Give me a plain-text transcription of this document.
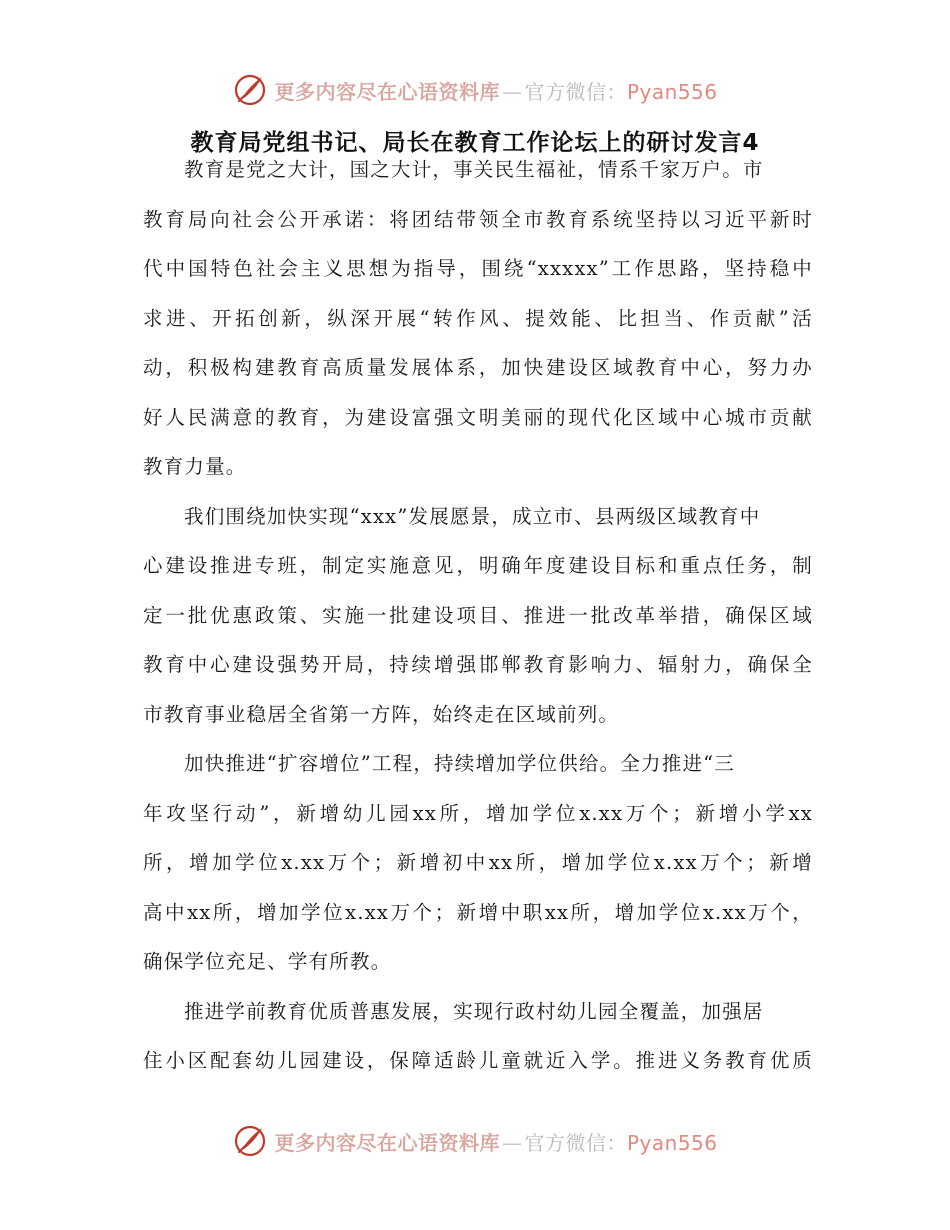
更多内容尽在心语资料库 — 官方微信：Pyan556
教育局党组书记、局长在教育工作论坛上的研讨发言4
教育是党之大计，国之大计，事关民生福祉，情系千家万户。市
教育局向社会公开承诺：将团结带领全市教育系统坚持以习近平新时
代中国特色社会主义思想为指导，围绕“xxxxx”工作思路，坚持稳中
求进、开拓创新，纵深开展“转作风、提效能、比担当、作贡献”活
动，积极构建教育高质量发展体系，加快建设区域教育中心，努力办
好人民满意的教育，为建设富强文明美丽的现代化区域中心城市贡献
教育力量。
我们围绕加快实现“xxx”发展愿景，成立市、县两级区域教育中
心建设推进专班，制定实施意见，明确年度建设目标和重点任务，制
定一批优惠政策、实施一批建设项目、推进一批改革举措，确保区域
教育中心建设强势开局，持续增强邯郸教育影响力、辐射力，确保全
市教育事业稳居全省第一方阵，始终走在区域前列。
加快推进“扩容增位”工程，持续增加学位供给。全力推进“三
年攻坚行动”，新增幼儿园xx所，增加学位x.xx万个；新增小学xx
所，增加学位x.xx万个；新增初中xx所，增加学位x.xx万个；新增
高中xx所，增加学位x.xx万个；新增中职xx所，增加学位x.xx万个，
确保学位充足、学有所教。
推进学前教育优质普惠发展，实现行政村幼儿园全覆盖，加强居
住小区配套幼儿园建设，保障适龄儿童就近入学。推进义务教育优质
更多内容尽在心语资料库 — 官方微信：Pyan556
